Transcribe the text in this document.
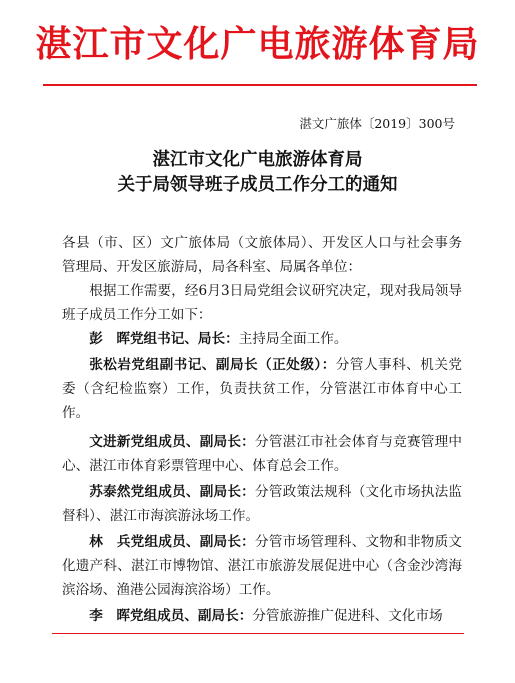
湛江市文化广电旅游体育局
湛文广旅体〔2019〕300号
湛江市文化广电旅游体育局
关于局领导班子成员工作分工的通知

各县（市、区）文广旅体局（文旅体局）、开发区人口与社会事务管理局、开发区旅游局，局各科室、局属各单位：

根据工作需要，经6月3日局党组会议研究决定，现对我局领导班子成员工作分工如下：

彭　晖党组书记、局长：主持局全面工作。

张松岩党组副书记、副局长（正处级）：分管人事科、机关党委（含纪检监察）工作，负责扶贫工作，分管湛江市体育中心工作。

文进新党组成员、副局长：分管湛江市社会体育与竞赛管理中心、湛江市体育彩票管理中心、体育总会工作。

苏泰然党组成员、副局长：分管政策法规科（文化市场执法监督科）、湛江市海滨游泳场工作。

林　兵党组成员、副局长：分管市场管理科、文物和非物质文化遗产科、湛江市博物馆、湛江市旅游发展促进中心（含金沙湾海滨浴场、渔港公园海滨浴场）工作。

李　晖党组成员、副局长：分管旅游推广促进科、文化市场
